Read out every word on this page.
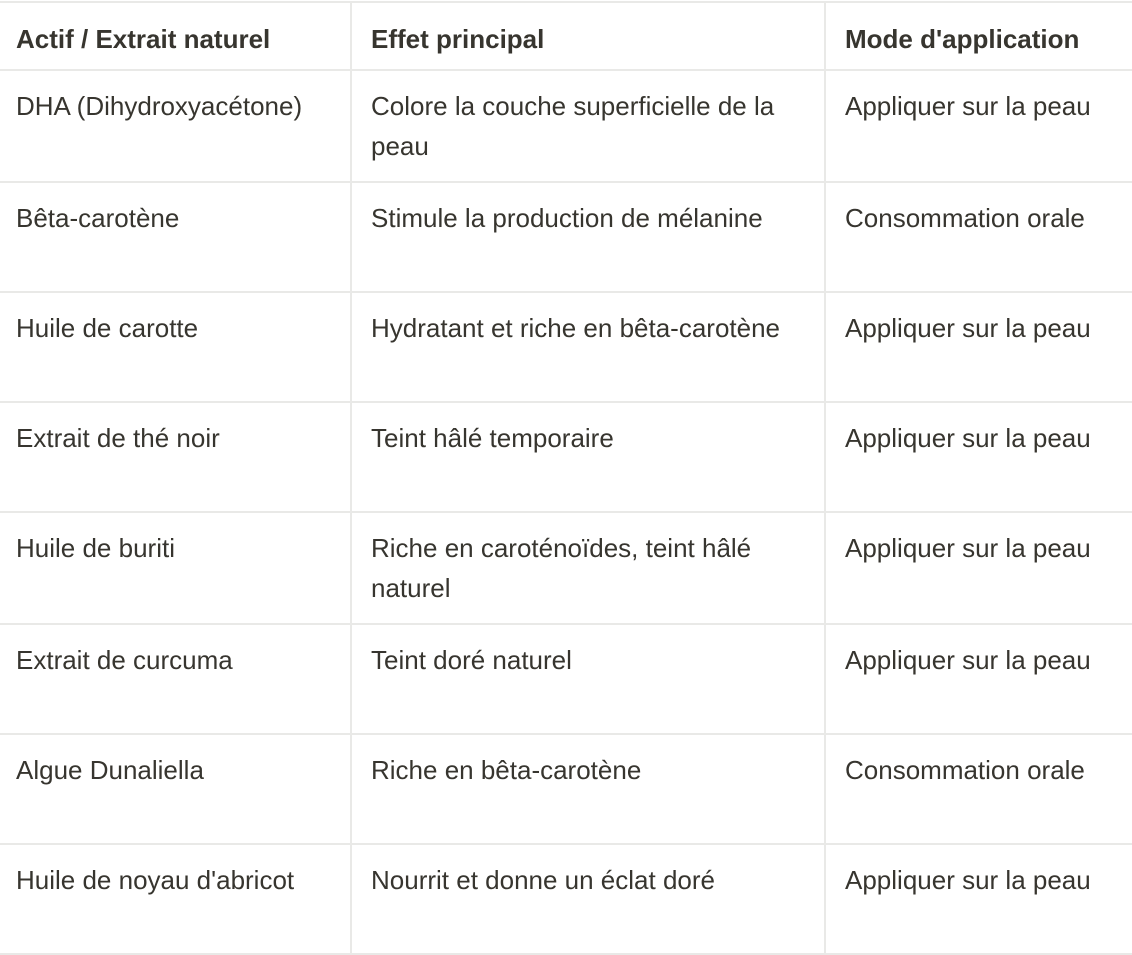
Actif / Extrait naturel	Effet principal	Mode d'application
DHA (Dihydroxyacétone)	Colore la couche superficielle de la peau	Appliquer sur la peau
Bêta-carotène	Stimule la production de mélanine	Consommation orale
Huile de carotte	Hydratant et riche en bêta-carotène	Appliquer sur la peau
Extrait de thé noir	Teint hâlé temporaire	Appliquer sur la peau
Huile de buriti	Riche en caroténoïdes, teint hâlé naturel	Appliquer sur la peau
Extrait de curcuma	Teint doré naturel	Appliquer sur la peau
Algue Dunaliella	Riche en bêta-carotène	Consommation orale
Huile de noyau d'abricot	Nourrit et donne un éclat doré	Appliquer sur la peau
